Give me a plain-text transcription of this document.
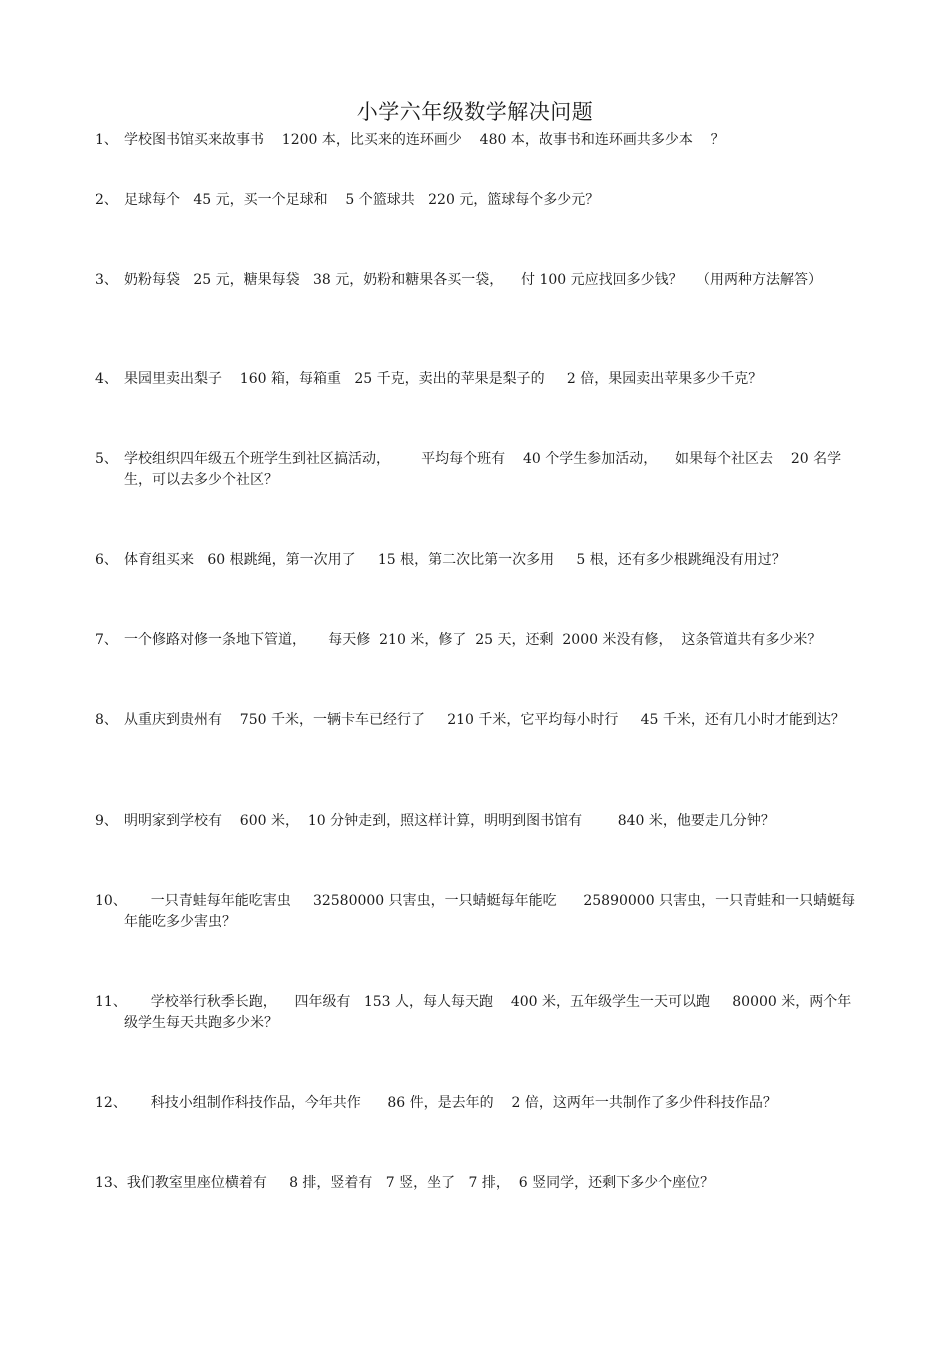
小学六年级数学解决问题
1、 学校图书馆买来故事书    1200 本，比买来的连环画少    480 本，故事书和连环画共多少本    ？
2、 足球每个   45 元，买一个足球和    5 个篮球共   220 元，篮球每个多少元？
3、 奶粉每袋   25 元，糖果每袋   38 元，奶粉和糖果各买一袋，    付 100 元应找回多少钱？   （用两种方法解答）
4、 果园里卖出梨子    160 箱，每箱重   25 千克，卖出的苹果是梨子的     2 倍，果园卖出苹果多少千克？
5、 学校组织四年级五个班学生到社区搞活动，       平均每个班有    40 个学生参加活动，    如果每个社区去    20 名学生，可以去多少个社区？
6、 体育组买来   60 根跳绳，第一次用了     15 根，第二次比第一次多用     5 根，还有多少根跳绳没有用过？
7、 一个修路对修一条地下管道，     每天修  210 米，修了  25 天，还剩  2000 米没有修，  这条管道共有多少米？
8、 从重庆到贵州有    750 千米，一辆卡车已经行了     210 千米，它平均每小时行     45 千米，还有几小时才能到达？
9、 明明家到学校有    600 米，  10 分钟走到，照这样计算，明明到图书馆有        840 米，他要走几分钟？
10、
一只青蛙每年能吃害虫     32580000 只害虫，一只蜻蜓每年能吃      25890000 只害虫，一只青蛙和一只蜻蜓每年能吃多少害虫？
11、
学校举行秋季长跑，    四年级有   153 人，每人每天跑    400 米，五年级学生一天可以跑     80000 米，两个年级学生每天共跑多少米？
12、
科技小组制作科技作品，今年共作      86 件，是去年的    2 倍，这两年一共制作了多少件科技作品？
13、我们教室里座位横着有     8 排，竖着有   7 竖，坐了   7 排，  6 竖同学，还剩下多少个座位？
